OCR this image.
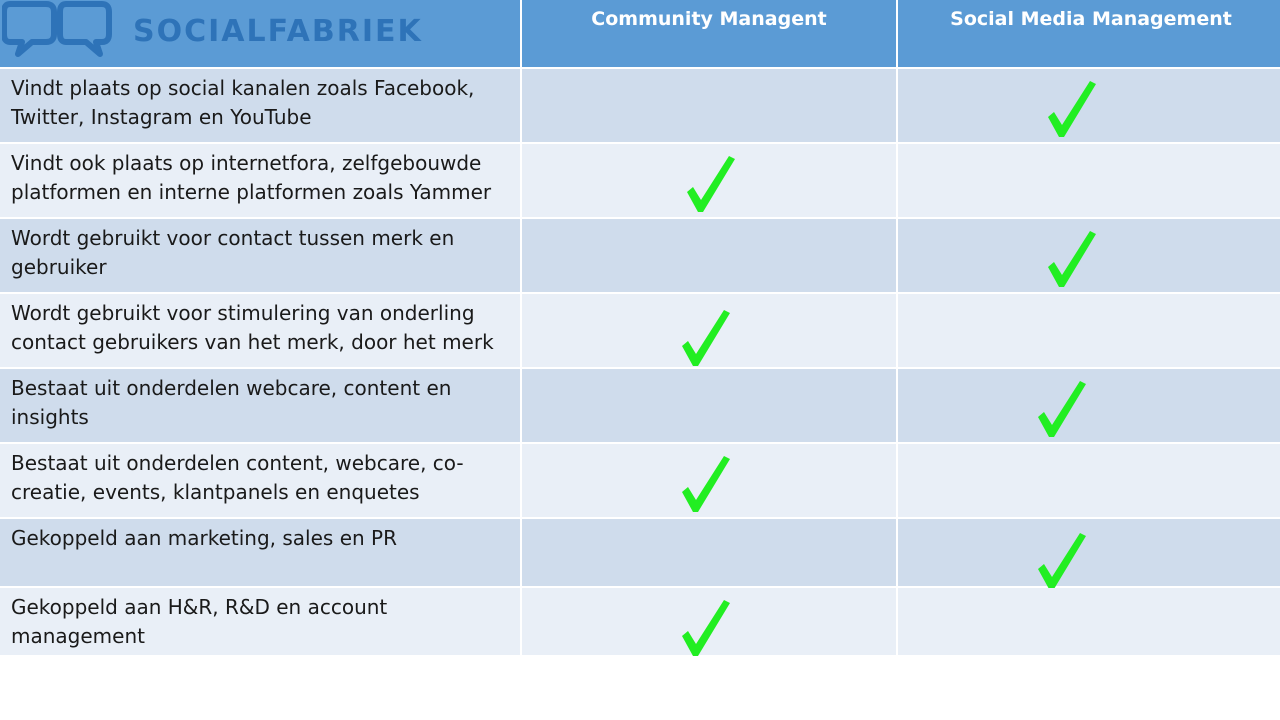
SOCIALFABRIEK	Community Managent	Social Media Management
Vindt plaats op social kanalen zoals Facebook, Twitter, Instagram en YouTube
Vindt ook plaats op internetfora, zelfgebouwde platformen en interne platformen zoals Yammer
Wordt gebruikt voor contact tussen merk en gebruiker
Wordt gebruikt voor stimulering van onderling contact gebruikers van het merk, door het merk
Bestaat uit onderdelen webcare, content en insights
Bestaat uit onderdelen content, webcare, co-creatie, events, klantpanels en enquetes
Gekoppeld aan marketing, sales en PR
Gekoppeld aan H&R, R&D en account management
